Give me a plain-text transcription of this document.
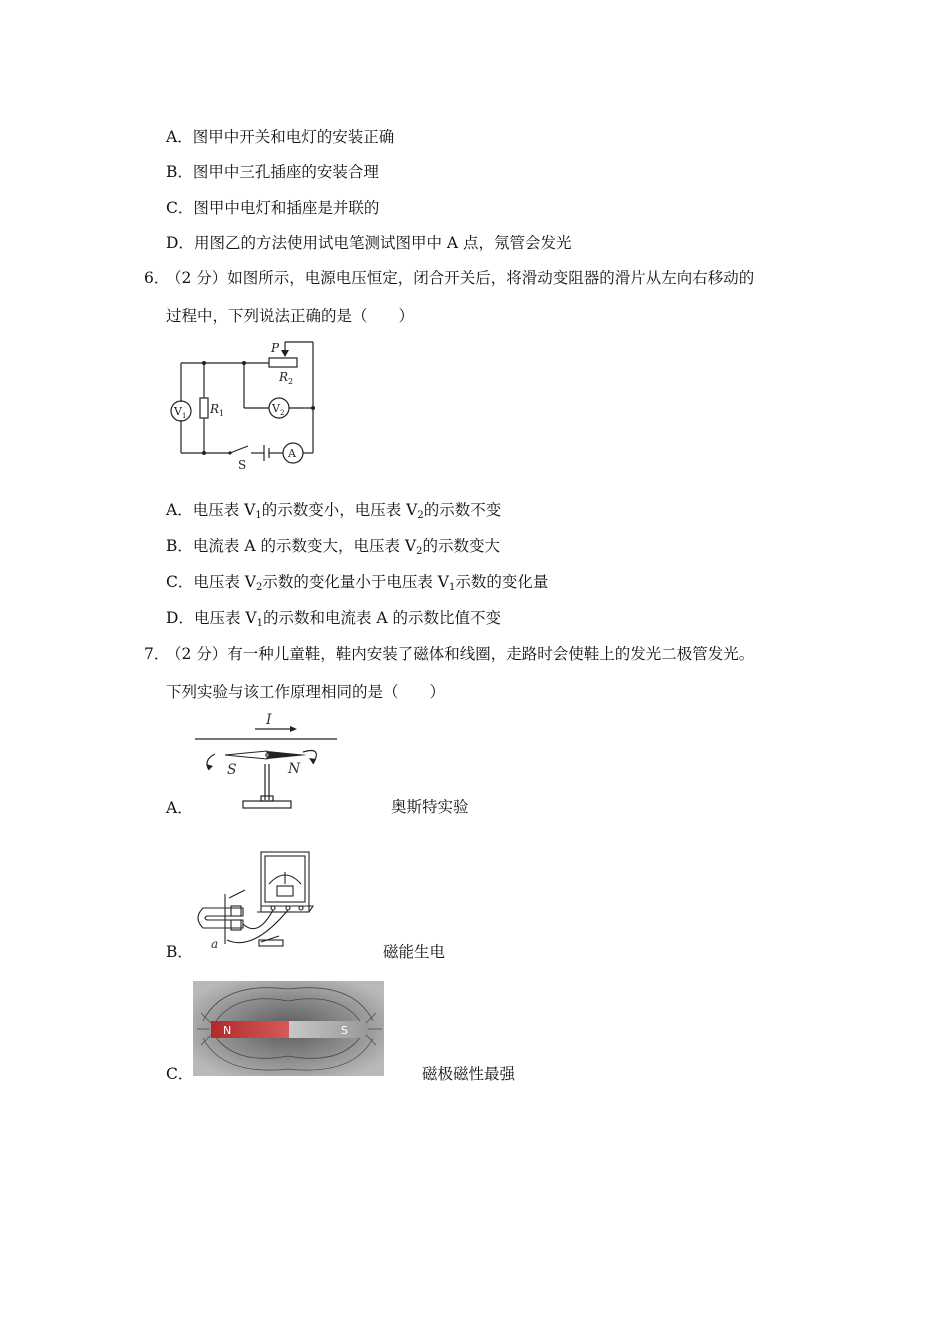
A．图甲中开关和电灯的安装正确
B．图甲中三孔插座的安装合理
C．图甲中电灯和插座是并联的
D．用图乙的方法使用试电笔测试图甲中 A 点，氖管会发光
6．
（2 分）如图所示，电源电压恒定，闭合开关后，将滑动变阻器的滑片从左向右移动的
过程中，下列说法正确的是（　　）
P
R 2
R 1
V 1
V 2
A
S
A．电压表 $V_1$的示数变小，电压表 $V_2$的示数不变
B．电流表 A 的示数变大，电压表 $V_2$的示数变大
C．电压表 $V_2$示数的变化量小于电压表 $V_1$示数的变化量
D．电压表 $V_1$的示数和电流表 A 的示数比值不变
7．
（2 分）有一种儿童鞋，鞋内安装了磁体和线圈，走路时会使鞋上的发光二极管发光。
下列实验与该工作原理相同的是（　　）
A．
I
S	N
奥斯特实验
B． a	磁能生电
C．
N	S
磁极磁性最强
